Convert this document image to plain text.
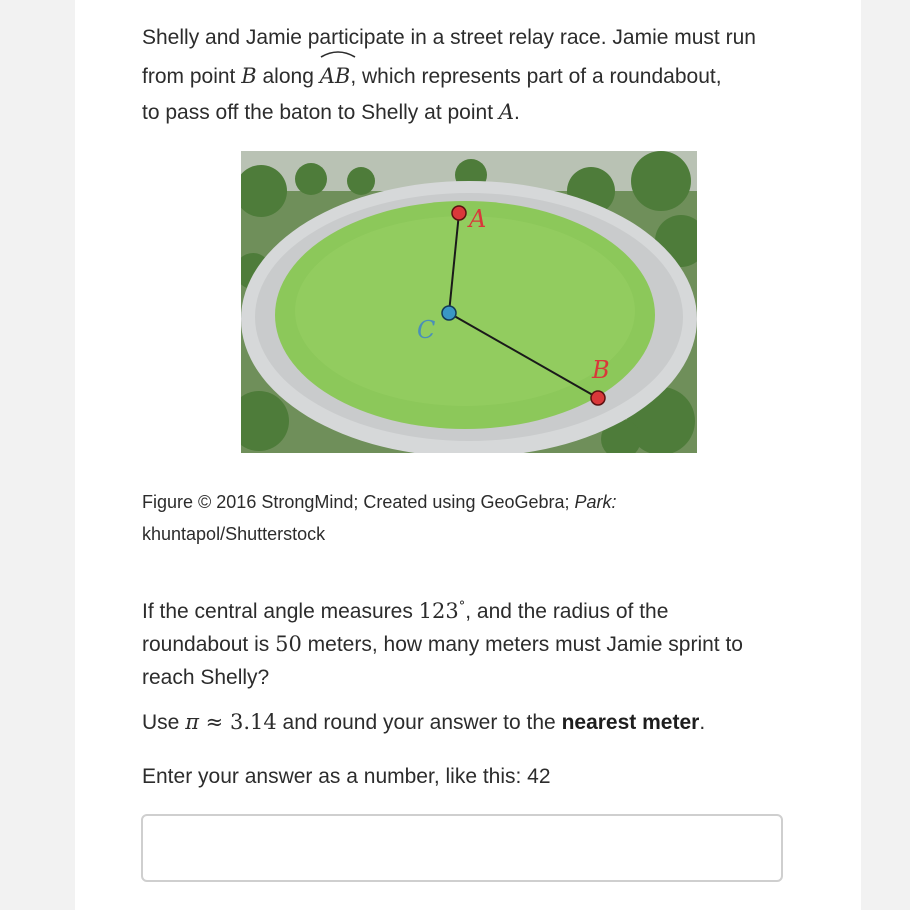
Shelly and Jamie participate in a street relay race. Jamie must run
from point B along
AB, which represents part of a roundabout,
to pass off the baton to Shelly at point A.

A
B
C

Figure © 2016 StrongMind; Created using GeoGebra; Park:
khuntapol/Shutterstock

If the central angle measures 123°, and the radius of the
roundabout is 50 meters, how many meters must Jamie sprint to
reach Shelly?

Use π ≈ 3.14 and round your answer to the nearest meter.

Enter your answer as a number, like this: 42
